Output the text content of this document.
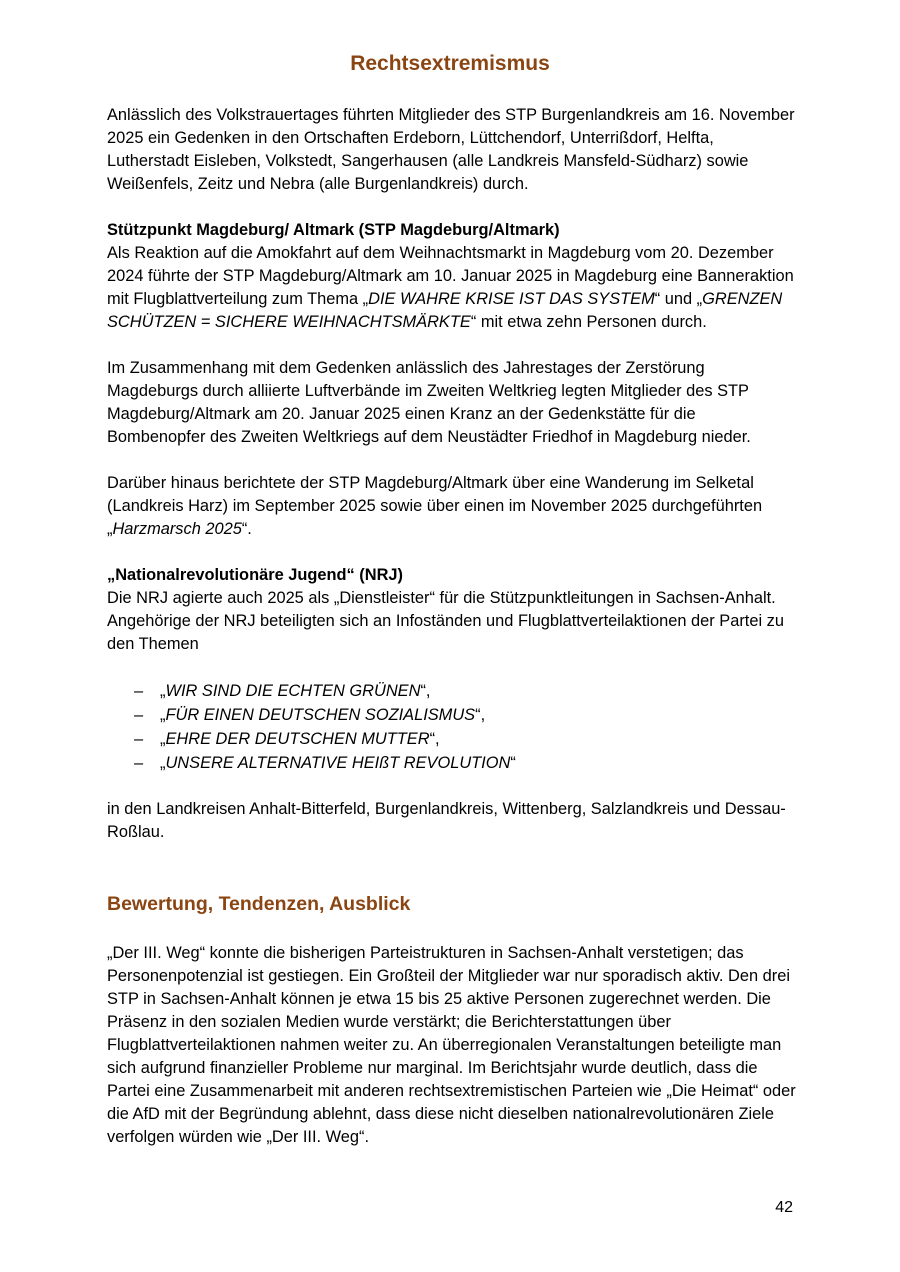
Rechtsextremismus

Anlässlich des Volkstrauertages führten Mitglieder des STP Burgenlandkreis am 16. November 2025 ein Gedenken in den Ortschaften Erdeborn, Lüttchendorf, Unterrißdorf, Helfta, Lutherstadt Eisleben, Volkstedt, Sangerhausen (alle Landkreis Mansfeld-Südharz) sowie Weißenfels, Zeitz und Nebra (alle Burgenlandkreis) durch.

Stützpunkt Magdeburg/ Altmark (STP Magdeburg/Altmark)

Als Reaktion auf die Amokfahrt auf dem Weihnachtsmarkt in Magdeburg vom 20. Dezember 2024 führte der STP Magdeburg/Altmark am 10. Januar 2025 in Magdeburg eine Banneraktion mit Flugblattverteilung zum Thema „DIE WAHRE KRISE IST DAS SYSTEM“ und „GRENZEN SCHÜTZEN = SICHERE WEIHNACHTSMÄRKTE“ mit etwa zehn Personen durch.

Im Zusammenhang mit dem Gedenken anlässlich des Jahrestages der Zerstörung Magdeburgs durch alliierte Luftverbände im Zweiten Weltkrieg legten Mitglieder des STP Magdeburg/Altmark am 20. Januar 2025 einen Kranz an der Gedenkstätte für die Bombenopfer des Zweiten Weltkriegs auf dem Neustädter Friedhof in Magdeburg nieder.

Darüber hinaus berichtete der STP Magdeburg/Altmark über eine Wanderung im Selketal (Landkreis Harz) im September 2025 sowie über einen im November 2025 durchgeführten „Harzmarsch 2025“.

„Nationalrevolutionäre Jugend“ (NRJ)

Die NRJ agierte auch 2025 als „Dienstleister“ für die Stützpunktleitungen in Sachsen-Anhalt. Angehörige der NRJ beteiligten sich an Infoständen und Flugblattverteilaktionen der Partei zu den Themen

– „WIR SIND DIE ECHTEN GRÜNEN“,
– „FÜR EINEN DEUTSCHEN SOZIALISMUS“,
– „EHRE DER DEUTSCHEN MUTTER“,
– „UNSERE ALTERNATIVE HEIßT REVOLUTION“

in den Landkreisen Anhalt-Bitterfeld, Burgenlandkreis, Wittenberg, Salzlandkreis und Dessau-Roßlau.

Bewertung, Tendenzen, Ausblick

„Der III. Weg“ konnte die bisherigen Parteistrukturen in Sachsen-Anhalt verstetigen; das Personenpotenzial ist gestiegen. Ein Großteil der Mitglieder war nur sporadisch aktiv. Den drei STP in Sachsen-Anhalt können je etwa 15 bis 25 aktive Personen zugerechnet werden. Die Präsenz in den sozialen Medien wurde verstärkt; die Berichterstattungen über Flugblattverteilaktionen nahmen weiter zu. An überregionalen Veranstaltungen beteiligte man sich aufgrund finanzieller Probleme nur marginal. Im Berichtsjahr wurde deutlich, dass die Partei eine Zusammenarbeit mit anderen rechtsextremistischen Parteien wie „Die Heimat“ oder die AfD mit der Begründung ablehnt, dass diese nicht dieselben nationalrevolutionären Ziele verfolgen würden wie „Der III. Weg“.

42
